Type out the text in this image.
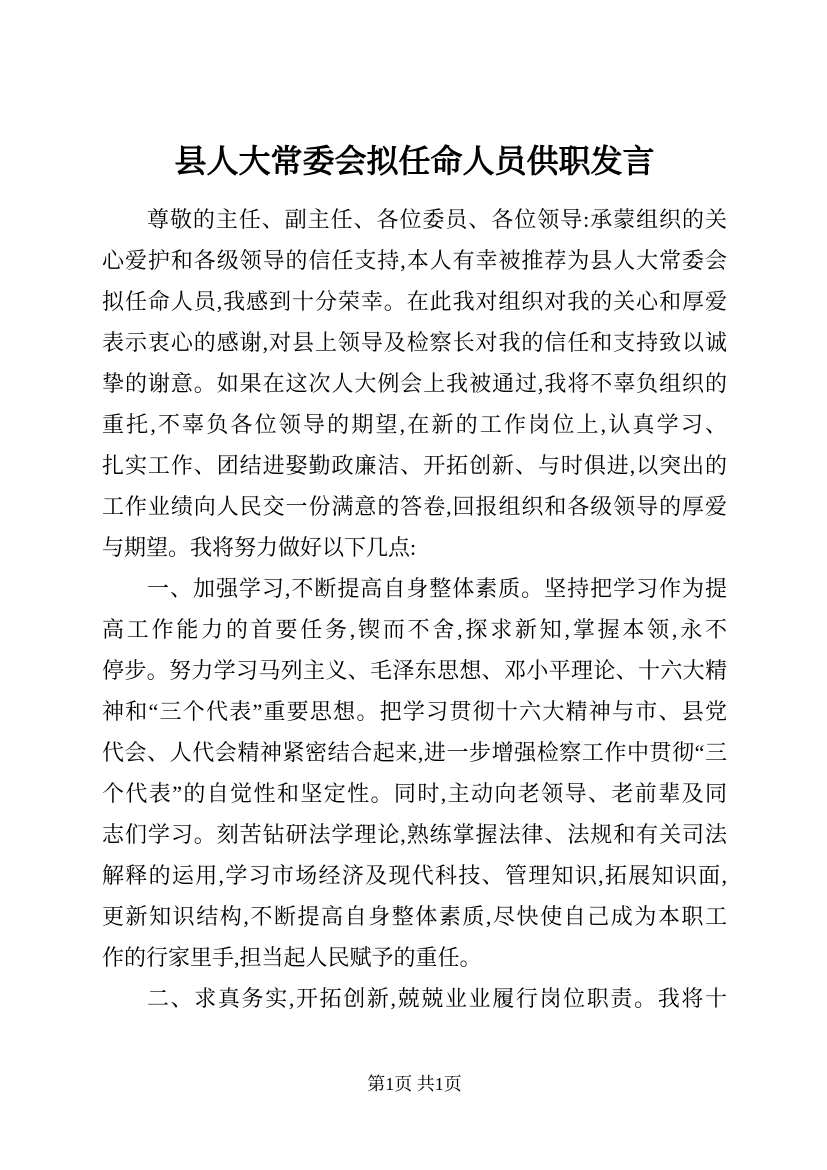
县人大常委会拟任命人员供职发言
尊敬的主任、副主任、各位委员、各位领导:承蒙组织的关
心爱护和各级领导的信任支持,本人有幸被推荐为县人大常委会
拟任命人员,我感到十分荣幸。在此我对组织对我的关心和厚爱
表示衷心的感谢,对县上领导及检察长对我的信任和支持致以诚
挚的谢意。如果在这次人大例会上我被通过,我将不辜负组织的
重托,不辜负各位领导的期望,在新的工作岗位上,认真学习、
扎实工作、团结进娶勤政廉洁、开拓创新、与时俱进,以突出的
工作业绩向人民交一份满意的答卷,回报组织和各级领导的厚爱
与期望。我将努力做好以下几点:
一、加强学习,不断提高自身整体素质。坚持把学习作为提
高工作能力的首要任务,锲而不舍,探求新知,掌握本领,永不
停步。努力学习马列主义、毛泽东思想、邓小平理论、十六大精
神和“三个代表”重要思想。把学习贯彻十六大精神与市、县党
代会、人代会精神紧密结合起来,进一步增强检察工作中贯彻“三
个代表”的自觉性和坚定性。同时,主动向老领导、老前辈及同
志们学习。刻苦钻研法学理论,熟练掌握法律、法规和有关司法
解释的运用,学习市场经济及现代科技、管理知识,拓展知识面,
更新知识结构,不断提高自身整体素质,尽快使自己成为本职工
作的行家里手,担当起人民赋予的重任。
二、求真务实,开拓创新,兢兢业业履行岗位职责。我将十
第1页 共1页
